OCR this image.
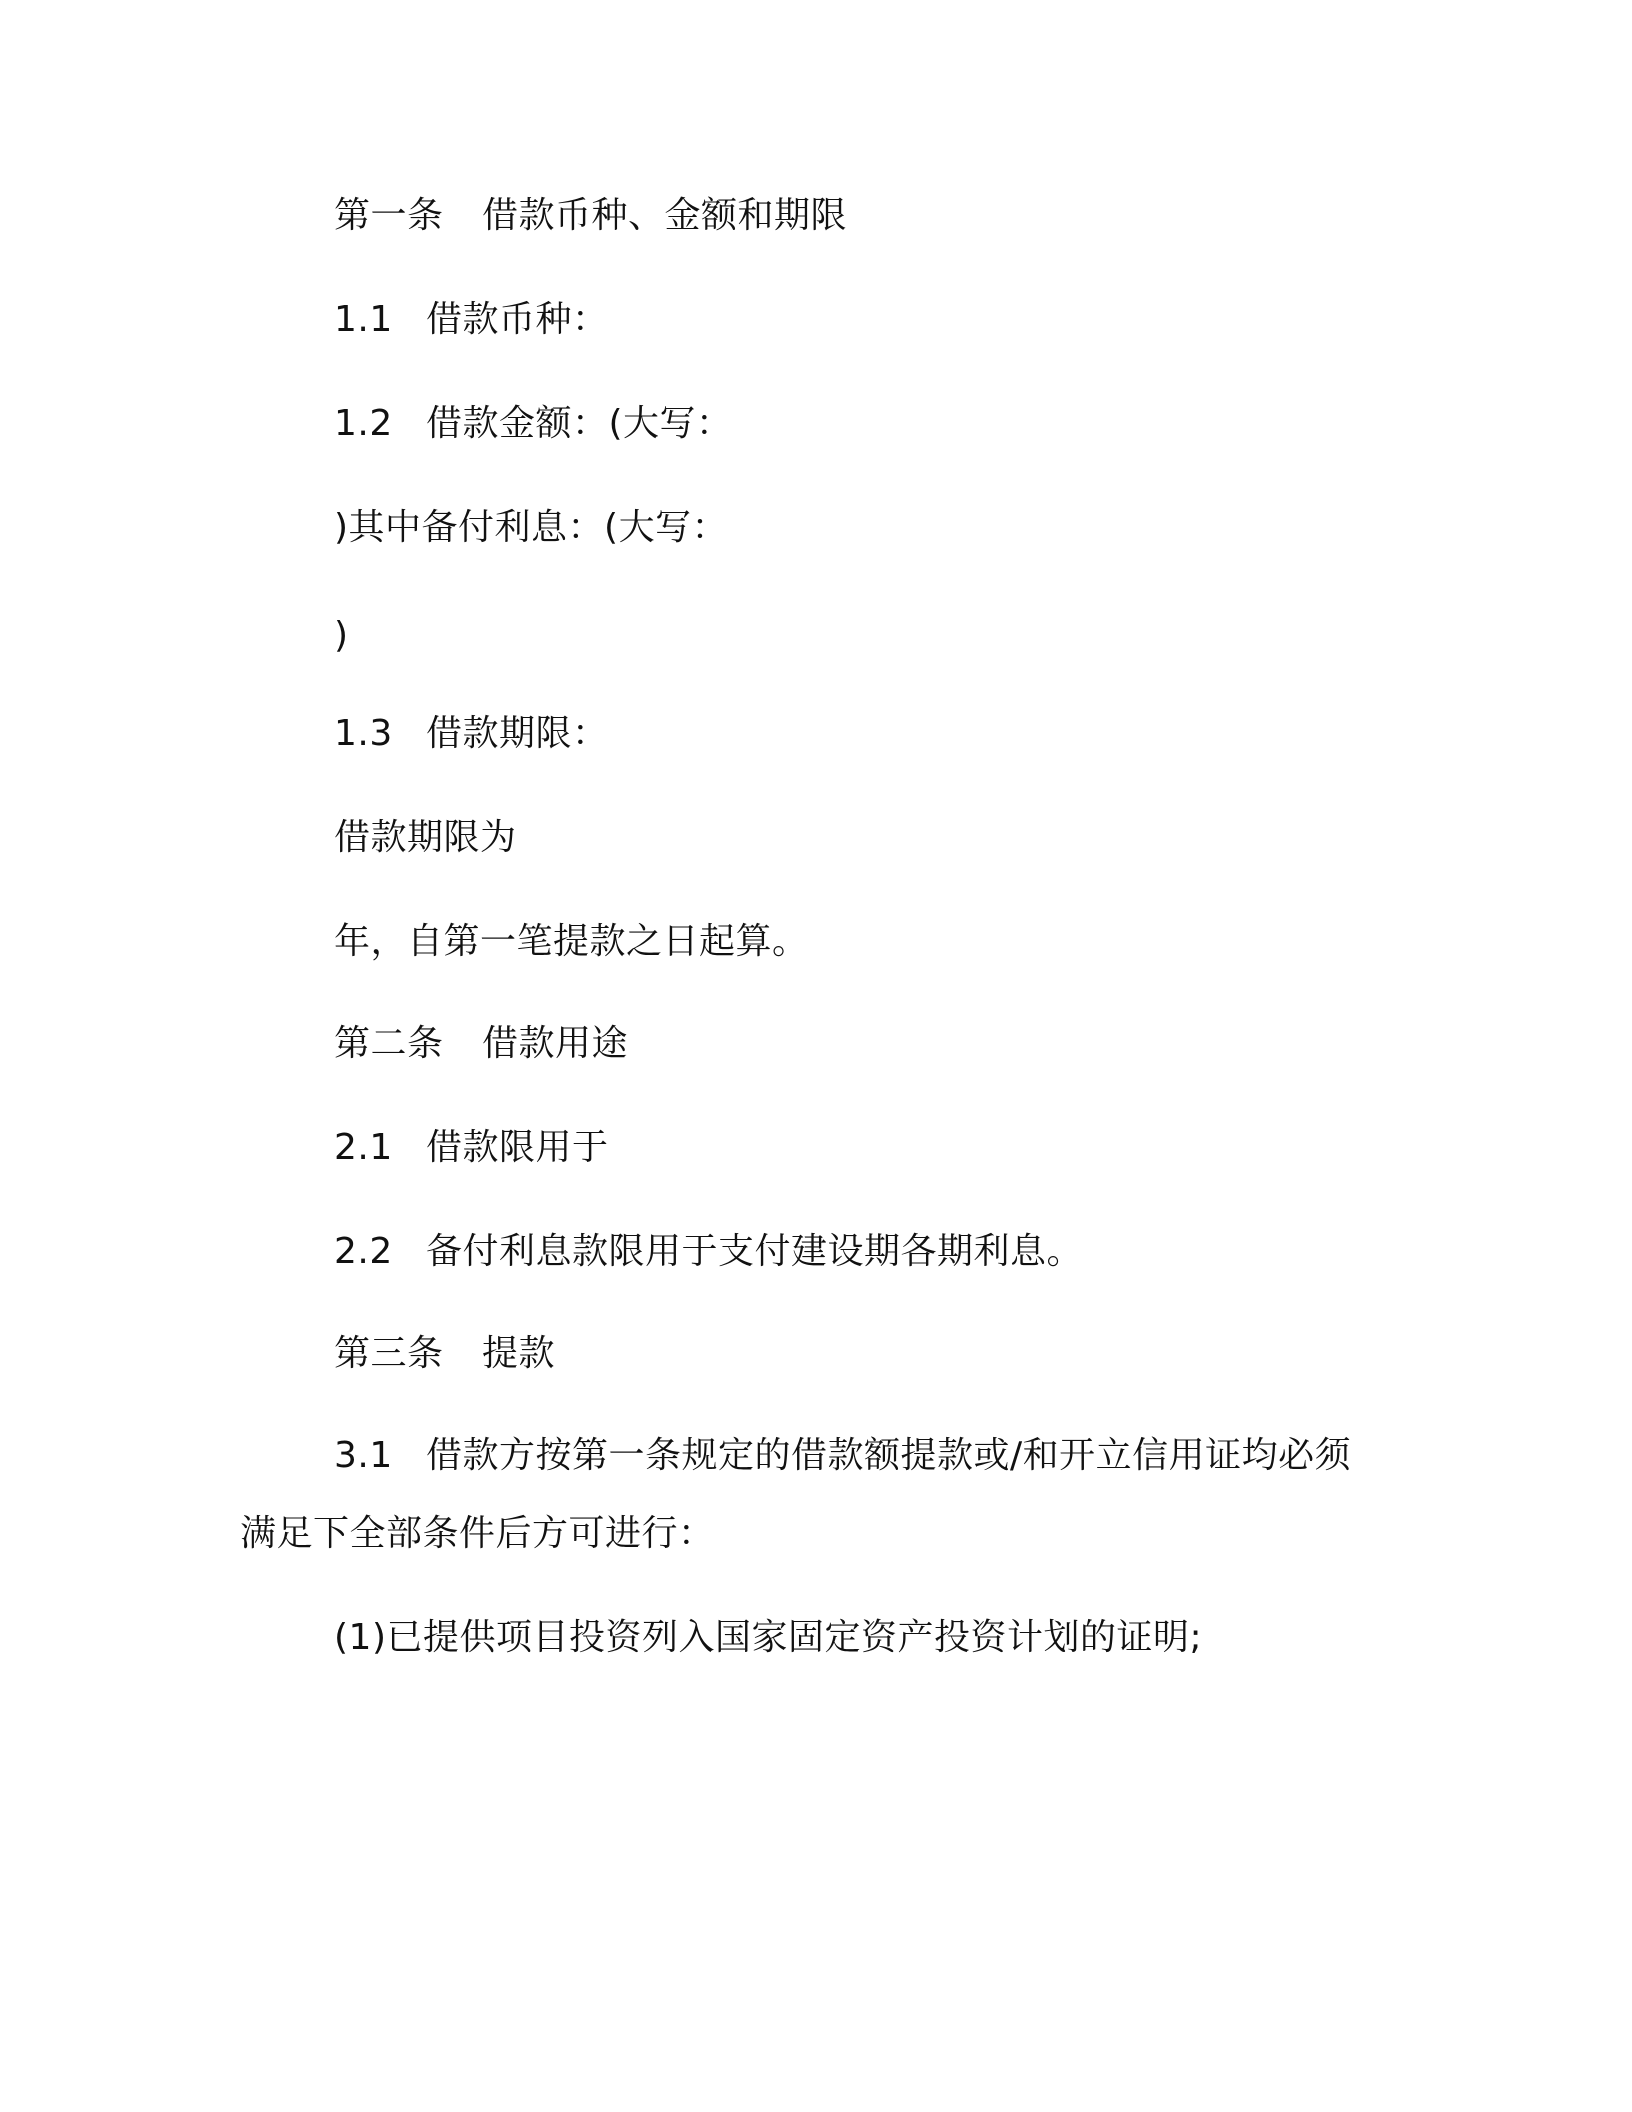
第一条 借款币种、金额和期限
1.1 借款币种：
1.2 借款金额：(大写：
)其中备付利息：(大写：
)
1.3 借款期限：
借款期限为
年，自第一笔提款之日起算。
第二条 借款用途
2.1 借款限用于
2.2 备付利息款限用于支付建设期各期利息。
第三条 提款
3.1 借款方按第一条规定的借款额提款或/和开立信用证均必须
满足下全部条件后方可进行：
(1)已提供项目投资列入国家固定资产投资计划的证明;
